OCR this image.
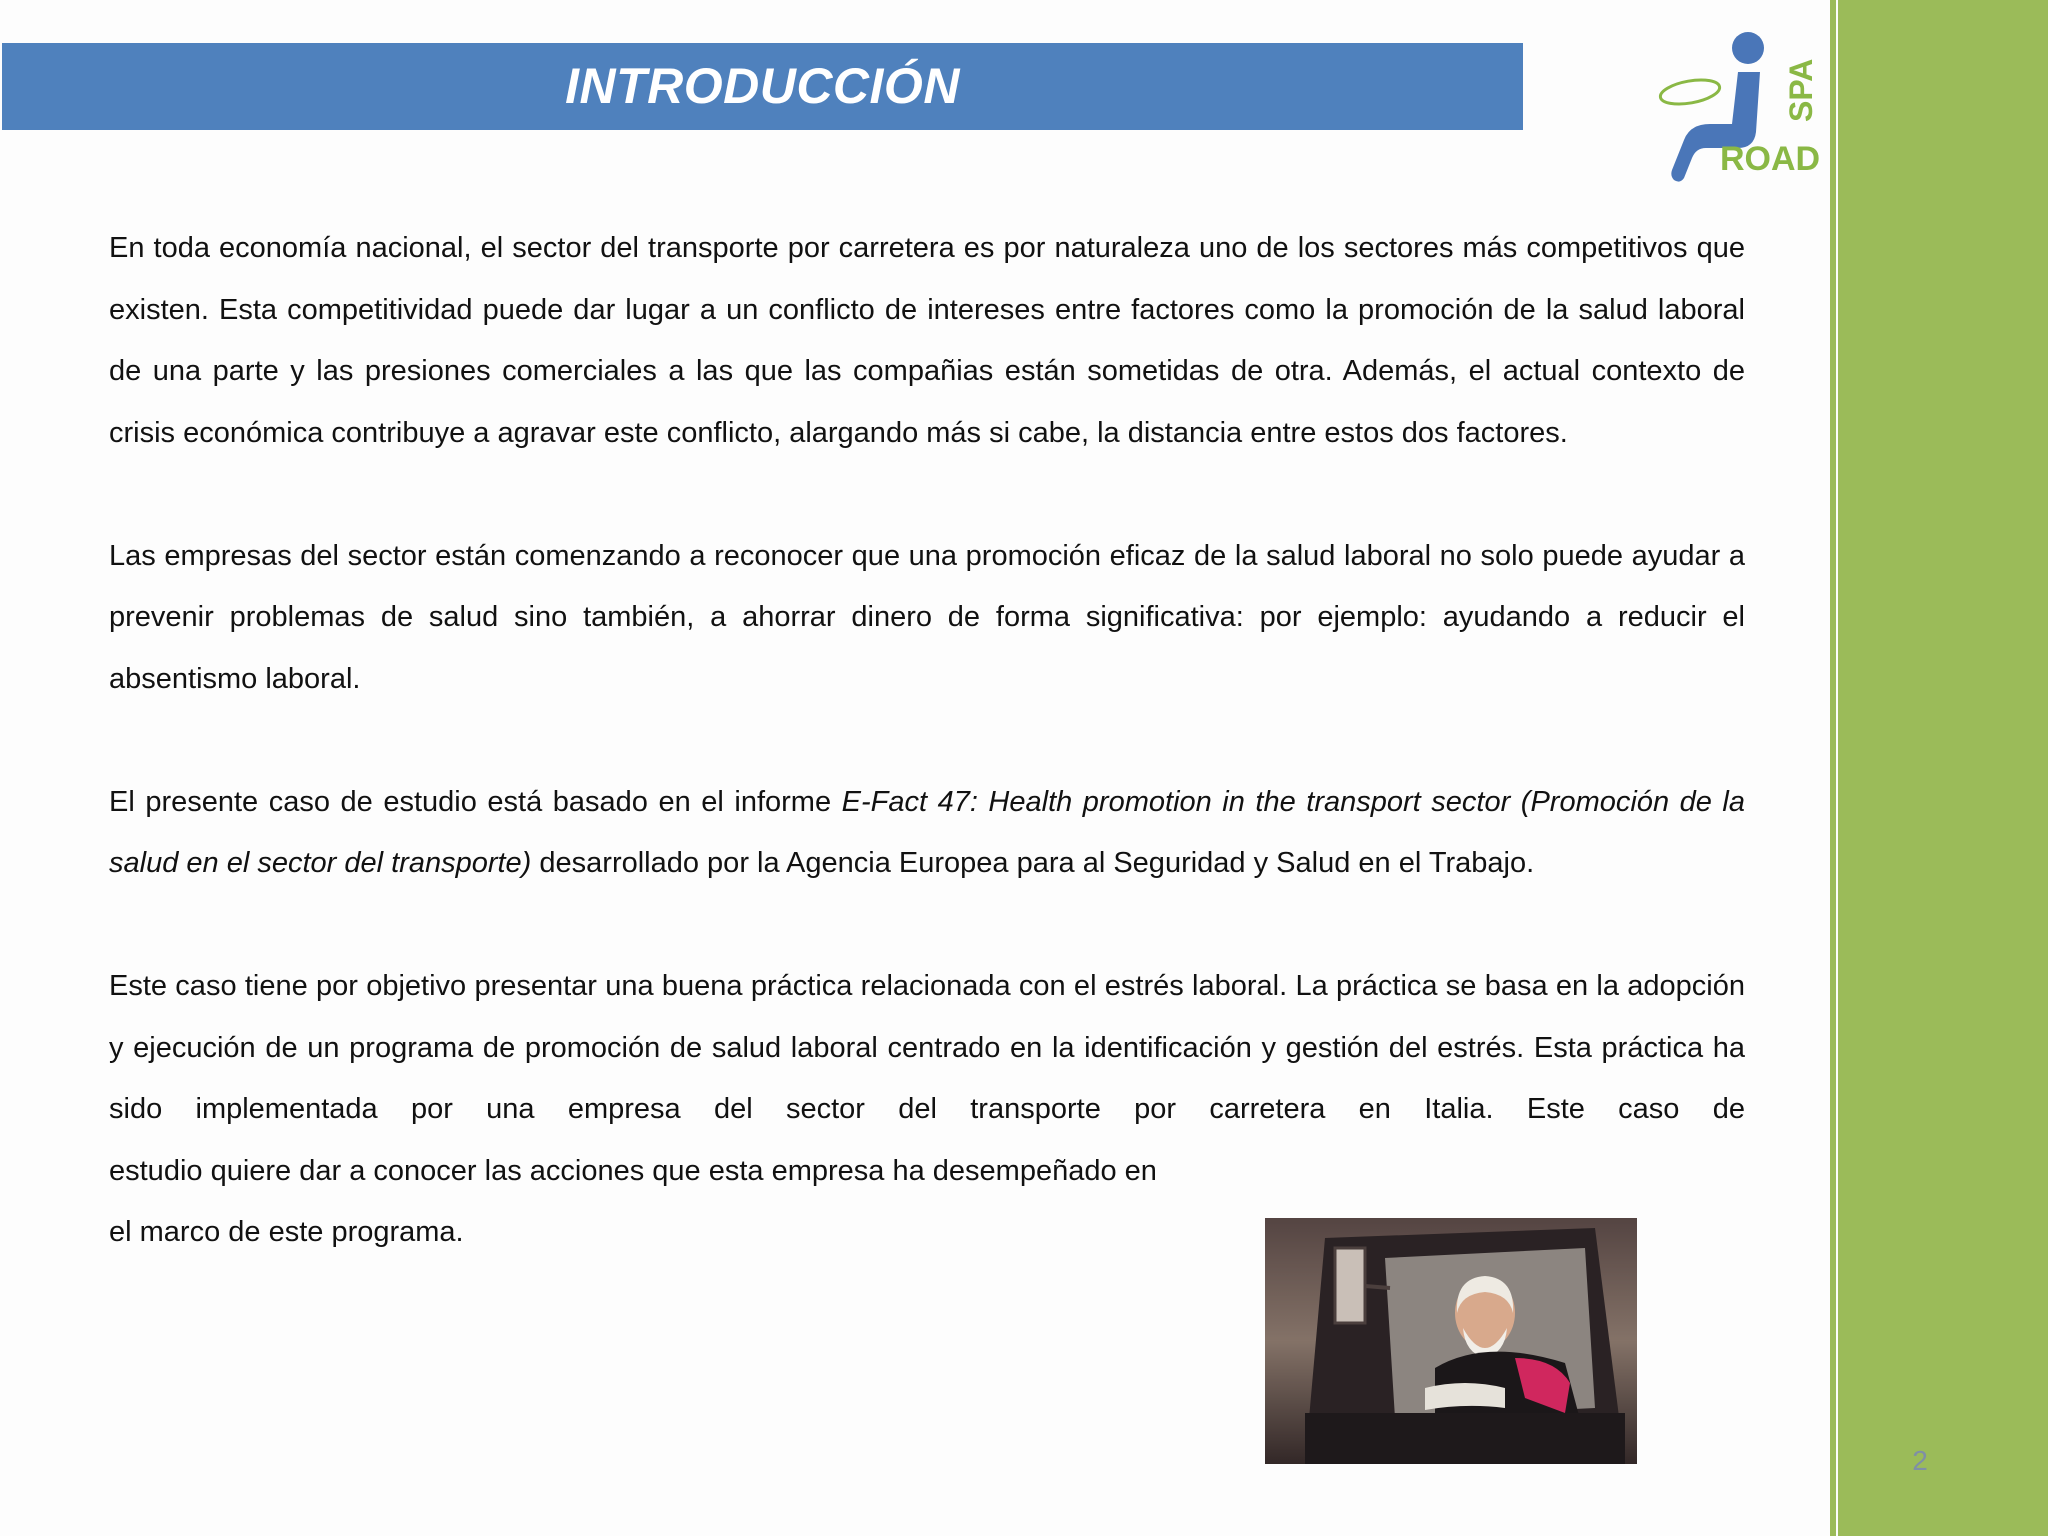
INTRODUCCIÓN	SPA
ROAD

En toda economía nacional, el sector del transporte por carretera es por naturaleza uno de los sectores más competitivos que existen. Esta competitividad puede dar lugar a un conflicto de intereses entre factores como la promoción de la salud laboral de una parte y las presiones comerciales a las que las compañias están sometidas de otra. Además, el actual contexto de crisis económica contribuye a agravar este conflicto, alargando más si cabe, la distancia entre estos dos factores.

Las empresas del sector están comenzando a reconocer que una promoción eficaz de la salud laboral no solo puede ayudar a prevenir problemas de salud sino también, a ahorrar dinero de forma significativa: por ejemplo: ayudando a reducir el absentismo laboral.

El presente caso de estudio está basado en el informe E-Fact 47: Health promotion in the transport sector (Promoción de la salud en el sector del transporte) desarrollado por la Agencia Europea para al Seguridad y Salud en el Trabajo.

Este caso tiene por objetivo presentar una buena práctica relacionada con el estrés laboral. La práctica se basa en la adopción y ejecución de un programa de promoción de salud laboral centrado en la identificación y gestión del estrés. Esta práctica ha sido implementada por una empresa del sector del transporte por carretera en Italia. Este caso de
estudio quiere dar a conocer las acciones que esta empresa ha desempeñado en
el marco de este programa.

2
